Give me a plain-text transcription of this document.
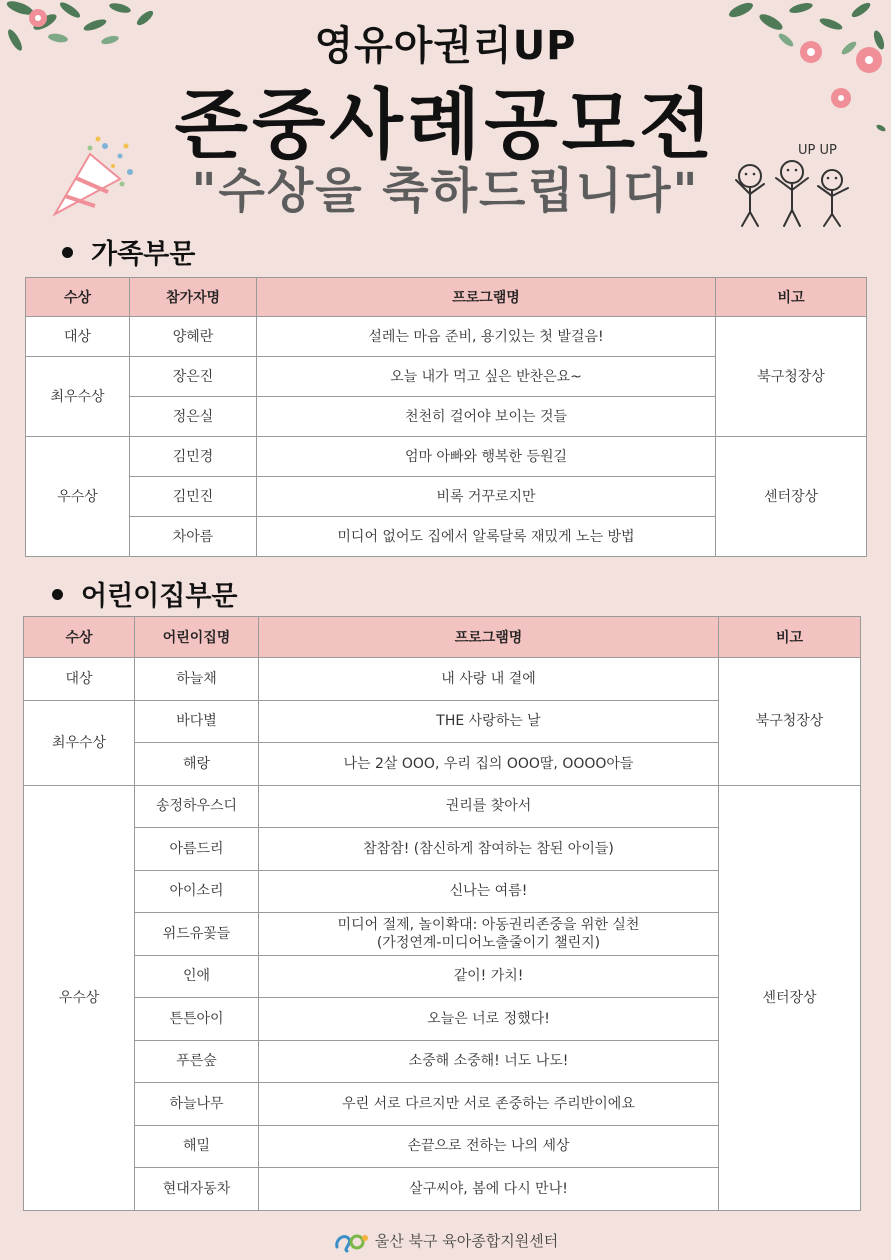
UP UP
영유아권리UP
존중사례공모전
"수상을 축하드립니다"
가족부문
수상	참가자명	프로그램명	비고
대상	양혜란	설레는 마음 준비, 용기있는 첫 발걸음!	북구청장상
최우수상	장은진	오늘 내가 먹고 싶은 반찬은요~	
	정은실	천천히 걸어야 보이는 것들	
우수상	김민경	엄마 아빠와 행복한 등원길	센터장상
	김민진	비록 거꾸로지만	
	차아름	미디어 없어도 집에서 알록달록 재밌게 노는 방법	
어린이집부문
수상	어린이집명	프로그램명	비고
대상	하늘채	내 사랑 내 곁에	북구청장상
최우수상	바다별	THE 사랑하는 날	
	해랑	나는 2살 OOO, 우리 집의 OOO딸, OOOO아들	
우수상	송정하우스디	권리를 찾아서	센터장상
	아름드리	참참참! (참신하게 참여하는 참된 아이들)	
	아이소리	신나는 여름!	
	위드유꽃들	미디어 절제, 놀이확대: 아동권리존중을 위한 실천
(가정연계-미디어노출줄이기 챌린지)	

	인애	같이! 가치!	
	튼튼아이	오늘은 너로 정했다!	
	푸른숲	소중해 소중해! 너도 나도!	
	하늘나무	우린 서로 다르지만 서로 존중하는 주리반이에요	
	해밀	손끝으로 전하는 나의 세상	
	현대자동차	살구씨야, 봄에 다시 만나!	
울산 북구 육아종합지원센터
